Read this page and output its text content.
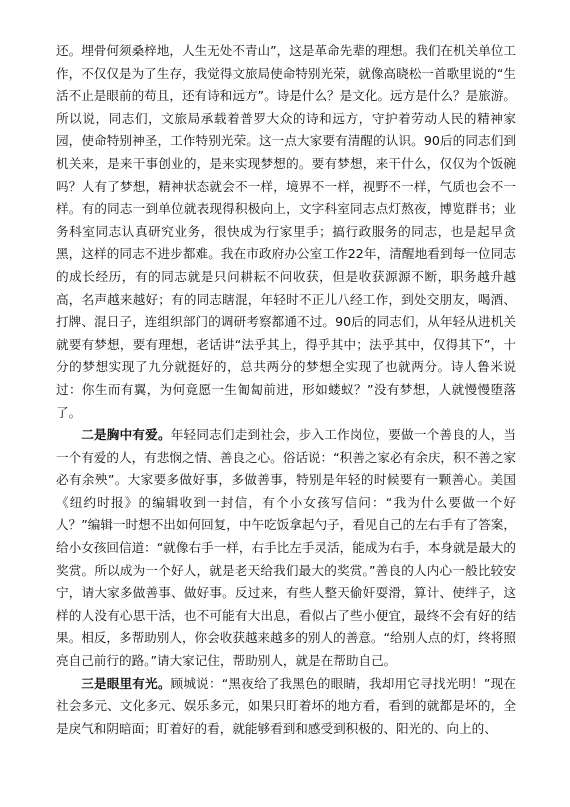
还。埋骨何须桑梓地，人生无处不青山”，这是革命先辈的理想。我们在机关单位工作，不仅仅是为了生存，我觉得文旅局使命特别光荣，就像高晓松一首歌里说的“生活不止是眼前的苟且，还有诗和远方”。诗是什么？是文化。远方是什么？是旅游。所以说，同志们，文旅局承载着普罗大众的诗和远方，守护着劳动人民的精神家园，使命特别神圣，工作特别光荣。这一点大家要有清醒的认识。90后的同志们到机关来，是来干事创业的，是来实现梦想的。要有梦想，来干什么，仅仅为个饭碗吗？人有了梦想，精神状态就会不一样，境界不一样，视野不一样，气质也会不一样。有的同志一到单位就表现得积极向上，文字科室同志点灯熬夜，博览群书；业务科室同志认真研究业务，很快成为行家里手；搞行政服务的同志，也是起早贪黑，这样的同志不进步都难。我在市政府办公室工作22年，清醒地看到每一位同志的成长经历，有的同志就是只问耕耘不问收获，但是收获源源不断，职务越升越高，名声越来越好；有的同志瞎混，年轻时不正儿八经工作，到处交朋友，喝酒、打牌、混日子，连组织部门的调研考察都通不过。90后的同志们，从年轻从进机关就要有梦想，要有理想，老话讲“法乎其上，得乎其中；法乎其中，仅得其下”，十分的梦想实现了九分就挺好的，总共两分的梦想全实现了也就两分。诗人鲁米说过：你生而有翼，为何竟愿一生匍匐前进，形如蝼蚁？”没有梦想，人就慢慢堕落了。

二是胸中有爱。年轻同志们走到社会，步入工作岗位，要做一个善良的人，当一个有爱的人，有悲悯之情、善良之心。俗话说：“积善之家必有余庆，积不善之家必有余殃”。大家要多做好事，多做善事，特别是年轻的时候要有一颗善心。美国《纽约时报》的编辑收到一封信，有个小女孩写信问：“我为什么要做一个好人？”编辑一时想不出如何回复，中午吃饭拿起勺子，看见自己的左右手有了答案，给小女孩回信道：“就像右手一样，右手比左手灵活，能成为右手，本身就是最大的奖赏。所以成为一个好人，就是老天给我们最大的奖赏。”善良的人内心一般比较安宁，请大家多做善事、做好事。反过来，有些人整天偷奸耍滑，算计、使绊子，这样的人没有心思干活，也不可能有大出息，看似占了些小便宜，最终不会有好的结果。相反，多帮助别人，你会收获越来越多的别人的善意。“给别人点的灯，终将照亮自己前行的路。”请大家记住，帮助别人，就是在帮助自己。

三是眼里有光。顾城说：“黑夜给了我黑色的眼睛，我却用它寻找光明！”现在社会多元、文化多元、娱乐多元，如果只盯着坏的地方看，看到的就都是坏的，全是戾气和阴暗面；盯着好的看，就能够看到和感受到积极的、阳光的、向上的、
